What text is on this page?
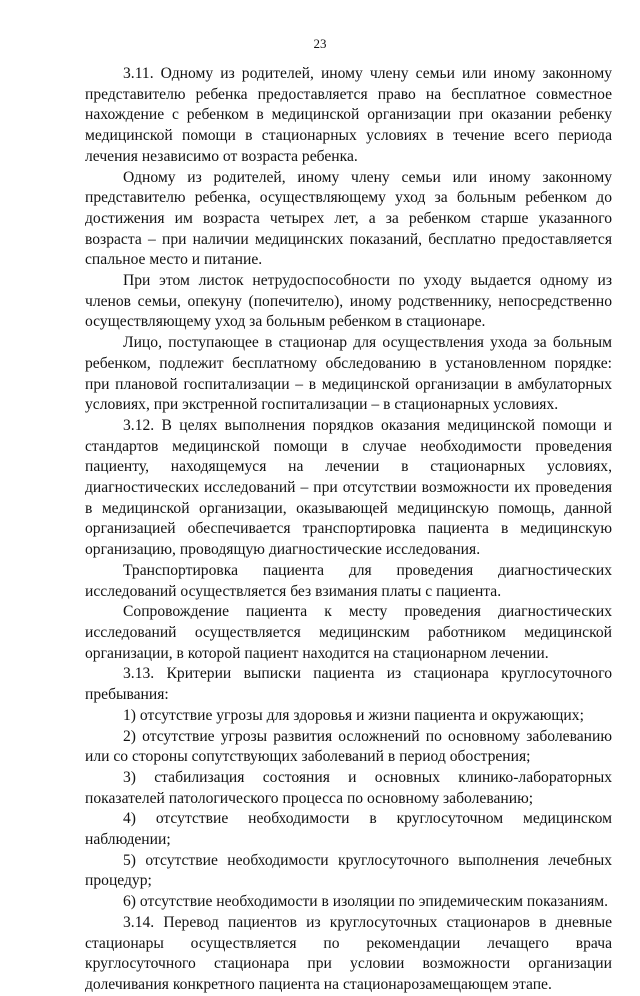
23

3.11. Одному из родителей, иному члену семьи или иному законному представителю ребенка предоставляется право на бесплатное совместное нахождение с ребенком в медицинской организации при оказании ребенку медицинской помощи в стационарных условиях в течение всего периода лечения независимо от возраста ребенка.

Одному из родителей, иному члену семьи или иному законному представителю ребенка, осуществляющему уход за больным ребенком до достижения им возраста четырех лет, а за ребенком старше указанного возраста – при наличии медицинских показаний, бесплатно предоставляется спальное место и питание.

При этом листок нетрудоспособности по уходу выдается одному из членов семьи, опекуну (попечителю), иному родственнику, непосредственно осуществляющему уход за больным ребенком в стационаре.

Лицо, поступающее в стационар для осуществления ухода за больным ребенком, подлежит бесплатному обследованию в установленном порядке: при плановой госпитализации – в медицинской организации в амбулаторных условиях, при экстренной госпитализации – в стационарных условиях.

3.12. В целях выполнения порядков оказания медицинской помощи и стандартов медицинской помощи в случае необходимости проведения пациенту, находящемуся на лечении в стационарных условиях, диагностических исследований – при отсутствии возможности их проведения в медицинской организации, оказывающей медицинскую помощь, данной организацией обеспечивается транспортировка пациента в медицинскую организацию, проводящую диагностические исследования.

Транспортировка пациента для проведения диагностических исследований осуществляется без взимания платы с пациента.

Сопровождение пациента к месту проведения диагностических исследований осуществляется медицинским работником медицинской организации, в которой пациент находится на стационарном лечении.

3.13. Критерии выписки пациента из стационара круглосуточного пребывания:

1) отсутствие угрозы для здоровья и жизни пациента и окружающих;

2) отсутствие угрозы развития осложнений по основному заболеванию или со стороны сопутствующих заболеваний в период обострения;

3) стабилизация состояния и основных клинико-лабораторных показателей патологического процесса по основному заболеванию;

4) отсутствие необходимости в круглосуточном медицинском наблюдении;

5) отсутствие необходимости круглосуточного выполнения лечебных процедур;

6) отсутствие необходимости в изоляции по эпидемическим показаниям.

3.14. Перевод пациентов из круглосуточных стационаров в дневные стационары осуществляется по рекомендации лечащего врача круглосуточного стационара при условии возможности организации долечивания конкретного пациента на стационарозамещающем этапе.
